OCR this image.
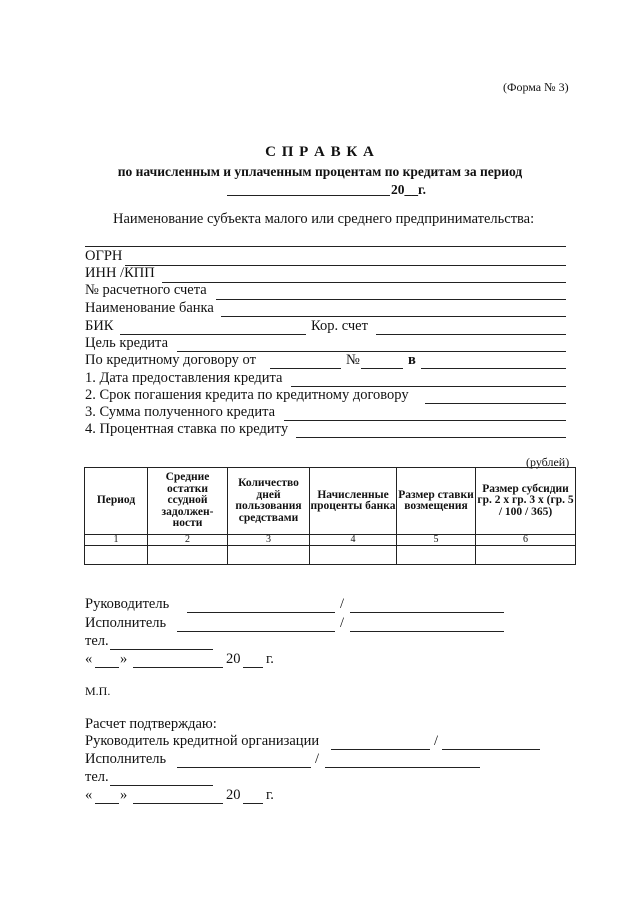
(Форма № 3)
С П Р А В К А
по начисленным и уплаченным процентам по кредитам за период
20__г.
Наименование субъекта малого или среднего предпринимательства:
ОГРН
ИНН /КПП
№ расчетного счета
Наименование банка
БИК	Кор. счет
Цель кредита
По кредитному договору от	№	в
1. Дата предоставления кредита
2. Срок погашения кредита по кредитному договору
3. Сумма полученного кредита
4. Процентная ставка по кредиту
(рублей)
Период	Средние остатки ссудной задолжен-ности	Количество дней пользования средствами	Начисленные проценты банка	Размер ставки возмещения	Размер субсидии гр. 2 x гр. 3 x (гр. 5 / 100 / 365)
1	2	3	4	5	6

Руководитель	/
Исполнитель	/
тел.
« »	20 г.
М.П.
Расчет подтверждаю:
Руководитель кредитной организации	/
Исполнитель	/
тел.
« »	20 г.
